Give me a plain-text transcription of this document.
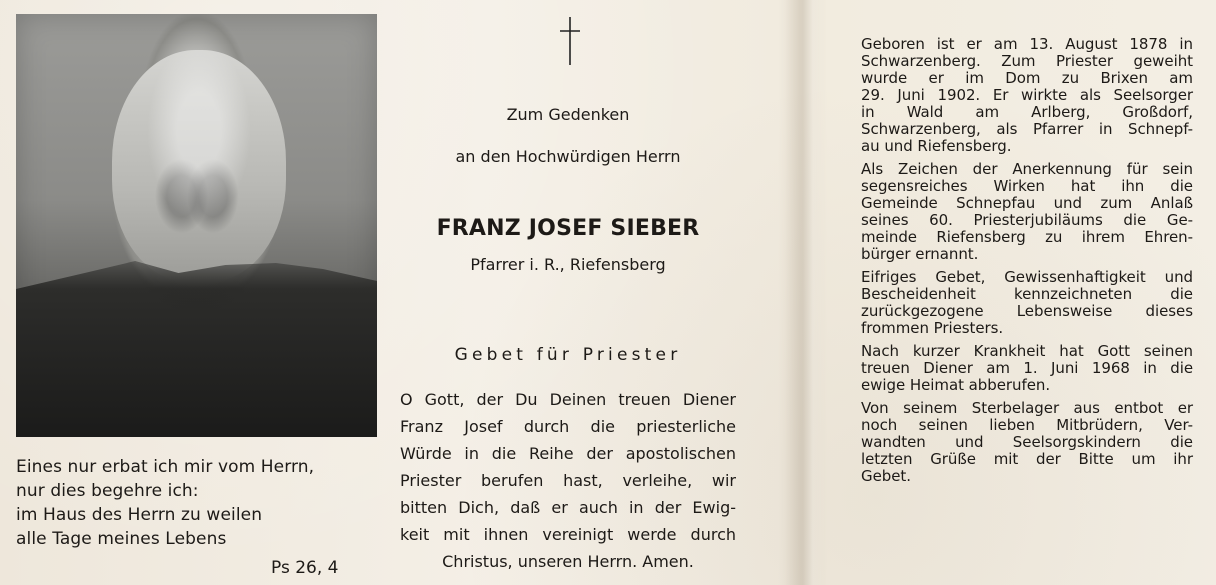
Eines nur erbat ich mir vom Herrn,
nur dies begehre ich:
im Haus des Herrn zu weilen
alle Tage meines Lebens
Ps 26, 4
Zum Gedenken
an den Hochwürdigen Herrn
FRANZ JOSEF SIEBER
Pfarrer i. R., Riefensberg
Gebet für Priester
O Gott, der Du Deinen treuen Diener
Franz Josef durch die priesterliche
Würde in die Reihe der apostolischen
Priester berufen hast, verleihe, wir
bitten Dich, daß er auch in der Ewig-
keit mit ihnen vereinigt werde durch
Christus, unseren Herrn. Amen.
Geboren ist er am 13. August 1878 in
Schwarzenberg. Zum Priester geweiht
wurde er im Dom zu Brixen am
29. Juni 1902. Er wirkte als Seelsorger
in Wald am Arlberg, Großdorf,
Schwarzenberg, als Pfarrer in Schnepf-
au und Riefensberg.
Als Zeichen der Anerkennung für sein
segensreiches Wirken hat ihn die
Gemeinde Schnepfau und zum Anlaß
seines 60. Priesterjubiläums die Ge-
meinde Riefensberg zu ihrem Ehren-
bürger ernannt.
Eifriges Gebet, Gewissenhaftigkeit und
Bescheidenheit kennzeichneten die
zurückgezogene Lebensweise dieses
frommen Priesters.
Nach kurzer Krankheit hat Gott seinen
treuen Diener am 1. Juni 1968 in die
ewige Heimat abberufen.
Von seinem Sterbelager aus entbot er
noch seinen lieben Mitbrüdern, Ver-
wandten und Seelsorgskindern die
letzten Grüße mit der Bitte um ihr
Gebet.
